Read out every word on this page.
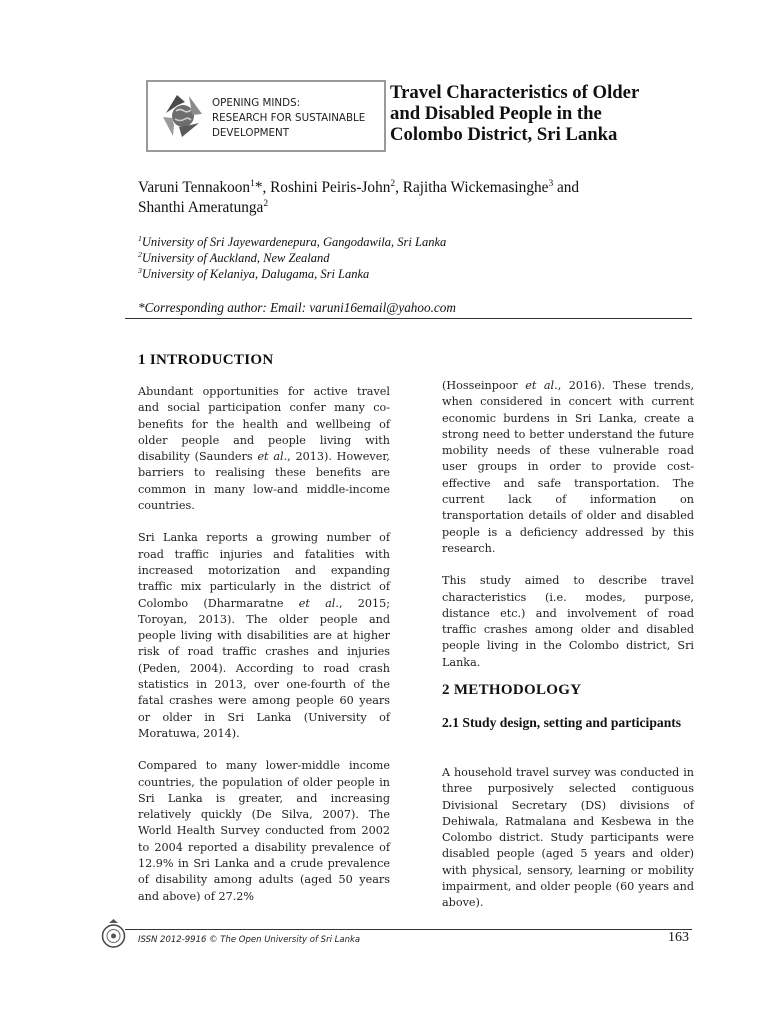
OPENING MINDS:
RESEARCH FOR SUSTAINABLE
DEVELOPMENT
Travel Characteristics of Older
and Disabled People in the
Colombo District, Sri Lanka
Varuni Tennakoon$^1$*, Roshini Peiris-John$^2$, Rajitha Wickemasinghe$^3$ and
Shanthi Ameratunga$^2$
$^1$University of Sri Jayewardenepura, Gangodawila, Sri Lanka
$^2$University of Auckland, New Zealand
$^3$University of Kelaniya, Dalugama, Sri Lanka
*Corresponding author: Email: varuni16email@yahoo.com
1 INTRODUCTION

Abundant opportunities for active travel and social participation confer many co-benefits for the health and wellbeing of older people and people living with disability (Saunders et al., 2013). However, barriers to realising these benefits are common in many low-and middle-income countries.

Sri Lanka reports a growing number of road traffic injuries and fatalities with increased motorization and expanding traffic mix particularly in the district of Colombo (Dharmaratne et al., 2015; Toroyan, 2013). The older people and people living with disabilities are at higher risk of road traffic crashes and injuries (Peden, 2004). According to road crash statistics in 2013, over one-fourth of the fatal crashes were among people 60 years or older in Sri Lanka (University of Moratuwa, 2014).

Compared to many lower-middle income countries, the population of older people in Sri Lanka is greater, and increasing relatively quickly (De Silva, 2007). The World Health Survey conducted from 2002 to 2004 reported a disability prevalence of 12.9% in Sri Lanka and a crude prevalence of disability among adults (aged 50 years and above) of 27.2%

(Hosseinpoor et al., 2016). These trends, when considered in concert with current economic burdens in Sri Lanka, create a strong need to better understand the future mobility needs of these vulnerable road user groups in order to provide cost-effective and safe transportation. The current lack of information on transportation details of older and disabled people is a deficiency addressed by this research.

This study aimed to describe travel characteristics (i.e. modes, purpose, distance etc.) and involvement of road traffic crashes among older and disabled people living in the Colombo district, Sri Lanka.

2 METHODOLOGY
2.1 Study design, setting and participants

A household travel survey was conducted in three purposively selected contiguous Divisional Secretary (DS) divisions of Dehiwala, Ratmalana and Kesbewa in the Colombo district. Study participants were disabled people (aged 5 years and older) with physical, sensory, learning or mobility impairment, and older people (60 years and above).

ISSN 2012-9916 © The Open University of Sri Lanka	163
